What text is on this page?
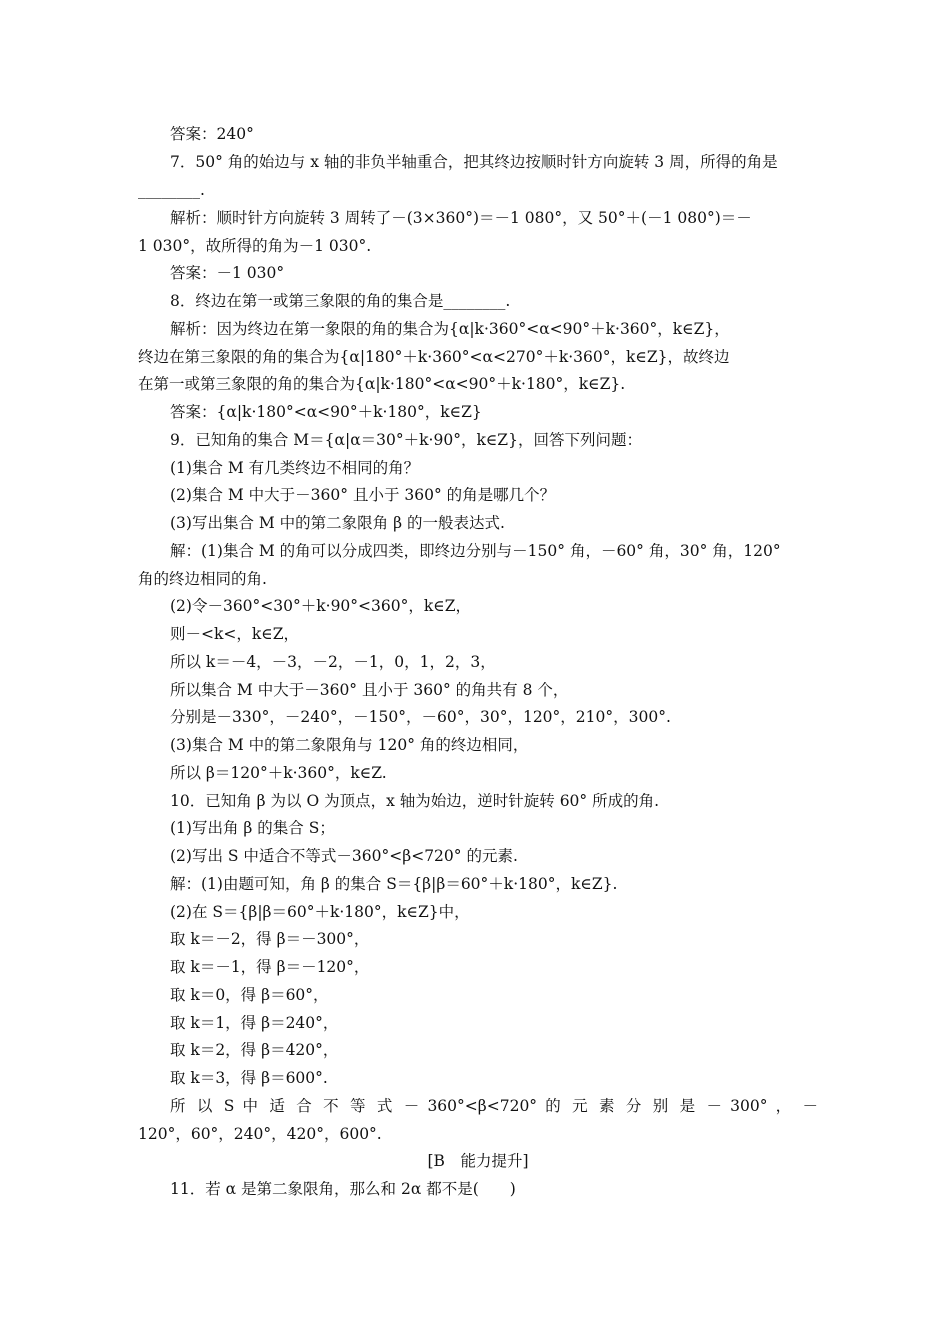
答案：240°
7．50° 角的始边与 x 轴的非负半轴重合，把其终边按顺时针方向旋转 3 周，所得的角是
________.
解析：顺时针方向旋转 3 周转了－(3×360°)＝－1 080°，又 50°＋(－1 080°)＝－
1 030°，故所得的角为－1 030°.
答案：－1 030°
8．终边在第一或第三象限的角的集合是________.
解析：因为终边在第一象限的角的集合为{α|k·360°<α<90°＋k·360°，k∈Z}，
终边在第三象限的角的集合为{α|180°＋k·360°<α<270°＋k·360°，k∈Z}，故终边
在第一或第三象限的角的集合为{α|k·180°<α<90°＋k·180°，k∈Z}.
答案：{α|k·180°<α<90°＋k·180°，k∈Z}
9．已知角的集合 M＝{α|α＝30°＋k·90°，k∈Z}，回答下列问题：
(1)集合 M 有几类终边不相同的角？
(2)集合 M 中大于－360° 且小于 360° 的角是哪几个？
(3)写出集合 M 中的第二象限角 β 的一般表达式.
解：(1)集合 M 的角可以分成四类，即终边分别与－150° 角，－60° 角，30° 角，120°
角的终边相同的角.
(2)令－360°<30°＋k·90°<360°，k∈Z，
则－<k<，k∈Z，
所以 k＝－4，－3，－2，－1，0，1，2，3，
所以集合 M 中大于－360° 且小于 360° 的角共有 8 个，
分别是－330°，－240°，－150°，－60°，30°，120°，210°，300°.
(3)集合 M 中的第二象限角与 120° 角的终边相同，
所以 β＝120°＋k·360°，k∈Z.
10．已知角 β 为以 O 为顶点，x 轴为始边，逆时针旋转 60° 所成的角.
(1)写出角 β 的集合 S；
(2)写出 S 中适合不等式－360°<β<720° 的元素.
解：(1)由题可知，角 β 的集合 S＝{β|β＝60°＋k·180°，k∈Z}.
(2)在 S＝{β|β＝60°＋k·180°，k∈Z}中，
取 k＝－2，得 β＝－300°，
取 k＝－1，得 β＝－120°，
取 k＝0，得 β＝60°，
取 k＝1，得 β＝240°，
取 k＝2，得 β＝420°，
取 k＝3，得 β＝600°.
所 以 S 中 适 合 不 等 式 － 360°<β<720° 的 元 素 分 别 是 － 300° ， －
120°，60°，240°，420°，600°.
[B　能力提升]
11．若 α 是第二象限角，那么和 2α 都不是(　　)
